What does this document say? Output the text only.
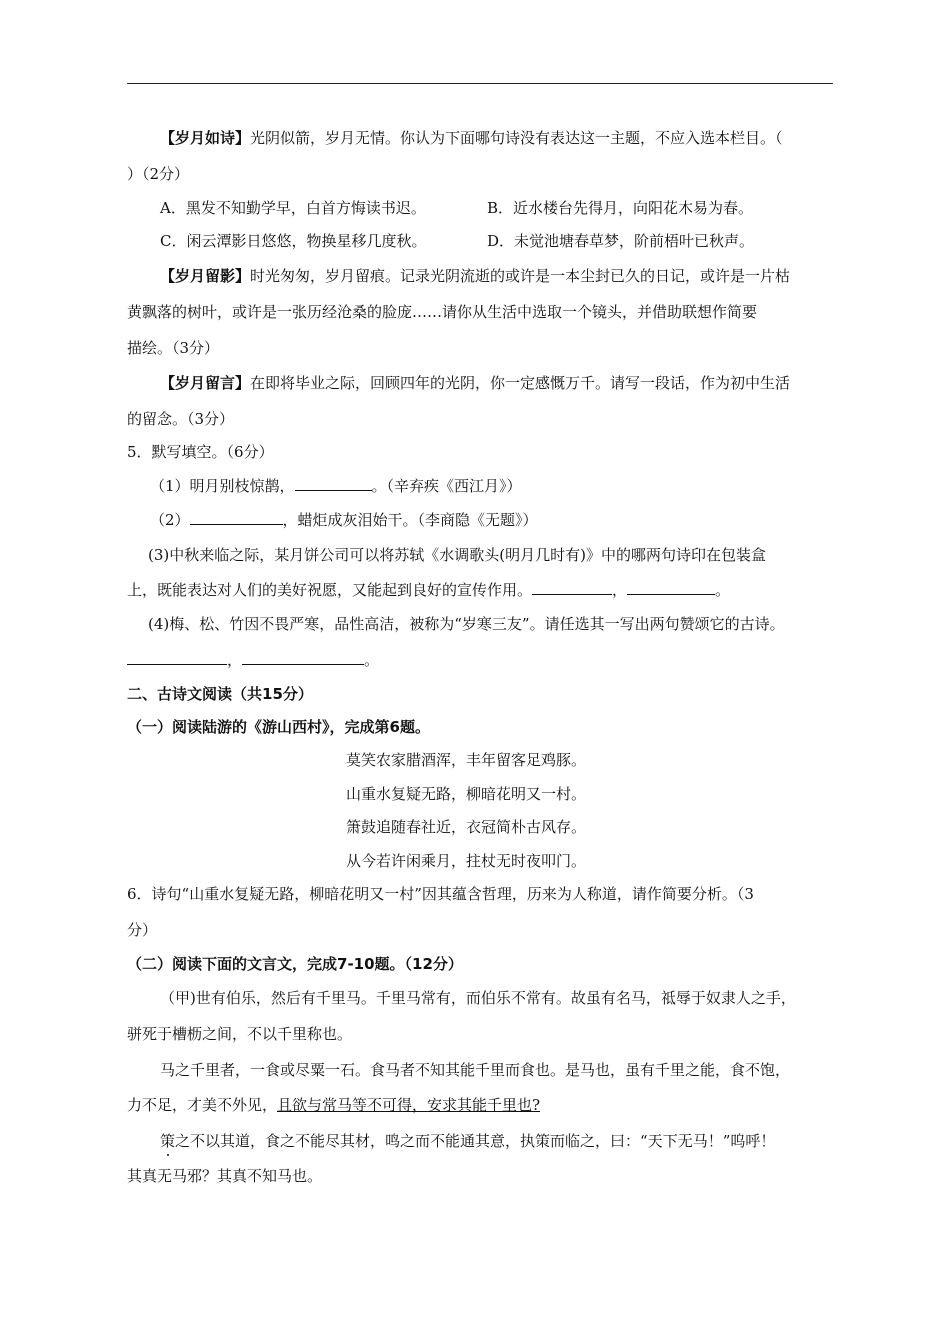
【岁月如诗】光阴似箭，岁月无情。你认为下面哪句诗没有表达这一主题，不应入选本栏目。（
）（2分）
A．黑发不知勤学早，白首方悔读书迟。	B．近水楼台先得月，向阳花木易为春。
C．闲云潭影日悠悠，物换星移几度秋。	D．未觉池塘春草梦，阶前梧叶已秋声。
【岁月留影】时光匆匆，岁月留痕。记录光阴流逝的或许是一本尘封已久的日记，或许是一片枯
黄飘落的树叶，或许是一张历经沧桑的脸庞……请你从生活中选取一个镜头，并借助联想作简要
描绘。（3分）
【岁月留言】在即将毕业之际，回顾四年的光阴，你一定感慨万千。请写一段话，作为初中生活
的留念。（3分）
5．默写填空。（6分）
（1）明月别枝惊鹊，	。（辛弃疾《西江月》）
（2）	，蜡炬成灰泪始干。（李商隐《无题》）
(3)中秋来临之际，某月饼公司可以将苏轼《水调歌头(明月几时有)》中的哪两句诗印在包装盒
上，既能表达对人们的美好祝愿，又能起到良好的宣传作用。	，	。
(4)梅、松、竹因不畏严寒，品性高洁，被称为“岁寒三友”。请任选其一写出两句赞颂它的古诗。
，	。
二、古诗文阅读（共15分）
（一）阅读陆游的《游山西村》，完成第6题。
莫笑农家腊酒浑，丰年留客足鸡豚。
山重水复疑无路，柳暗花明又一村。
箫鼓追随春社近，衣冠简朴古风存。
从今若许闲乘月，拄杖无时夜叩门。
6．诗句“山重水复疑无路，柳暗花明又一村”因其蕴含哲理，历来为人称道，请作简要分析。（3
分）
（二）阅读下面的文言文，完成7-10题。（12分）
（甲)世有伯乐，然后有千里马。千里马常有，而伯乐不常有。故虽有名马，祗辱于奴隶人之手，
骈死于槽枥之间，不以千里称也。
马之千里者，一食或尽粟一石。食马者不知其能千里而食也。是马也，虽有千里之能，食不饱，
力不足，才美不外见，且欲与常马等不可得，安求其能千里也?
策之不以其道，食之不能尽其材，鸣之而不能通其意，执策而临之，曰：“天下无马！”呜呼！
其真无马邪？其真不知马也。
